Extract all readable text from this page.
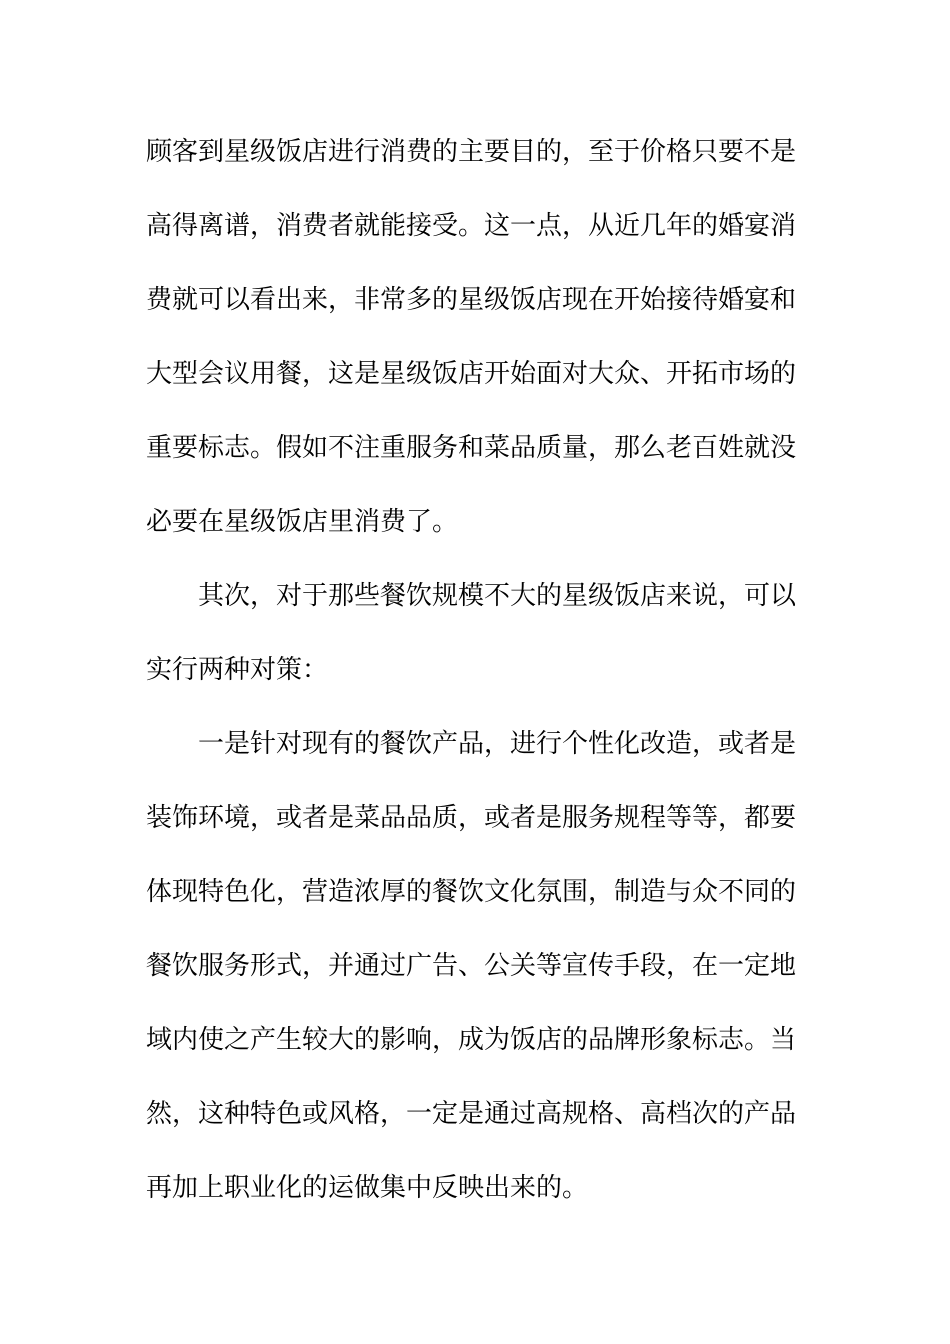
顾客到星级饭店进行消费的主要目的，至于价格只要不是
高得离谱，消费者就能接受。这一点，从近几年的婚宴消
费就可以看出来，非常多的星级饭店现在开始接待婚宴和
大型会议用餐，这是星级饭店开始面对大众、开拓市场的
重要标志。假如不注重服务和菜品质量，那么老百姓就没
必要在星级饭店里消费了。
其次，对于那些餐饮规模不大的星级饭店来说，可以
实行两种对策：
一是针对现有的餐饮产品，进行个性化改造，或者是
装饰环境，或者是菜品品质，或者是服务规程等等，都要
体现特色化，营造浓厚的餐饮文化氛围，制造与众不同的
餐饮服务形式，并通过广告、公关等宣传手段，在一定地
域内使之产生较大的影响，成为饭店的品牌形象标志。当
然，这种特色或风格，一定是通过高规格、高档次的产品
再加上职业化的运做集中反映出来的。
